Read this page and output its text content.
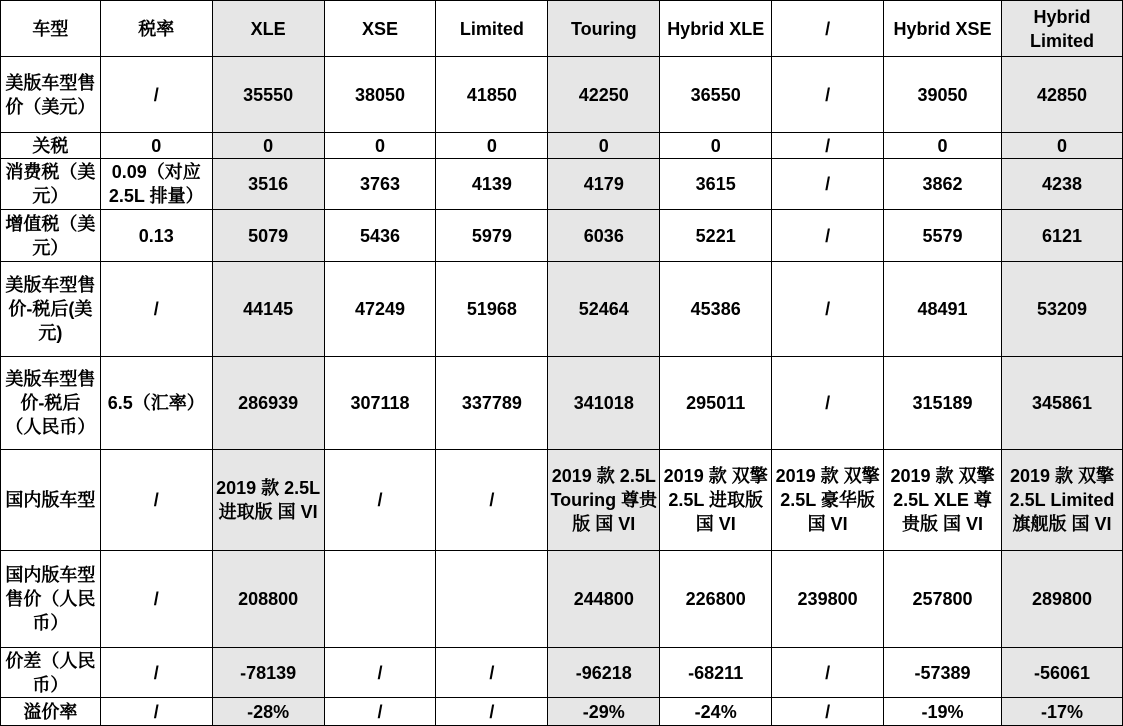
车型	税率	XLE	XSE	Limited	Touring	Hybrid XLE	/	Hybrid XSE	Hybrid Limited
美版车型售价（美元）	/	35550	38050	41850	42250	36550	/	39050	42850
关税	0	0	0	0	0	0	/	0	0
消费税（美元）	0.09（对应2.5L 排量）	3516	3763	4139	4179	3615	/	3862	4238
增值税（美元）	0.13	5079	5436	5979	6036	5221	/	5579	6121
美版车型售价-税后(美元)	/	44145	47249	51968	52464	45386	/	48491	53209
美版车型售价-税后（人民币）	6.5（汇率）	286939	307118	337789	341018	295011	/	315189	345861
国内版车型	/	2019 款 2.5L 进取版 国 VI	/	/	2019 款 2.5L Touring 尊贵版 国 VI	2019 款 双擎 2.5L 进取版 国 VI	2019 款 双擎 2.5L 豪华版 国 VI	2019 款 双擎 2.5L XLE 尊贵版 国 VI	2019 款 双擎 2.5L Limited 旗舰版 国 VI
国内版车型售价（人民币）	/	208800			244800	226800	239800	257800	289800
价差（人民币）	/	-78139	/	/	-96218	-68211	/	-57389	-56061
溢价率	/	-28%	/	/	-29%	-24%	/	-19%	-17%
